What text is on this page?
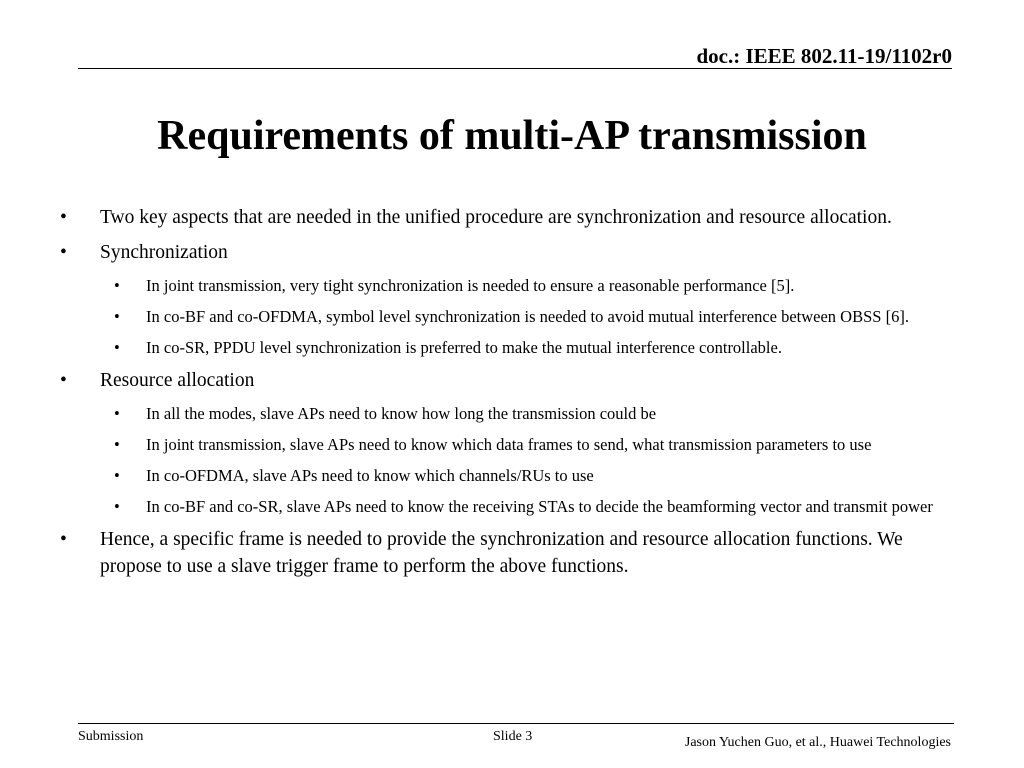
doc.: IEEE 802.11-19/1102r0
Requirements of multi-AP transmission
• Two key aspects that are needed in the unified procedure are synchronization and resource allocation.
• Synchronization
• In joint transmission, very tight synchronization is needed to ensure a reasonable performance [5].
• In co-BF and co-OFDMA, symbol level synchronization is needed to avoid mutual interference between OBSS [6].
• In co-SR, PPDU level synchronization is preferred to make the mutual interference controllable.
• Resource allocation
• In all the modes, slave APs need to know how long the transmission could be
• In joint transmission, slave APs need to know which data frames to send, what transmission parameters to use
• In co-OFDMA, slave APs need to know which channels/RUs to use
• In co-BF and co-SR, slave APs need to know the receiving STAs to decide the beamforming vector and transmit power
• Hence, a specific frame is needed to provide the synchronization and resource allocation functions. We propose to use a slave trigger frame to perform the above functions.
Submission	Slide 3	Jason Yuchen Guo, et al., Huawei Technologies
